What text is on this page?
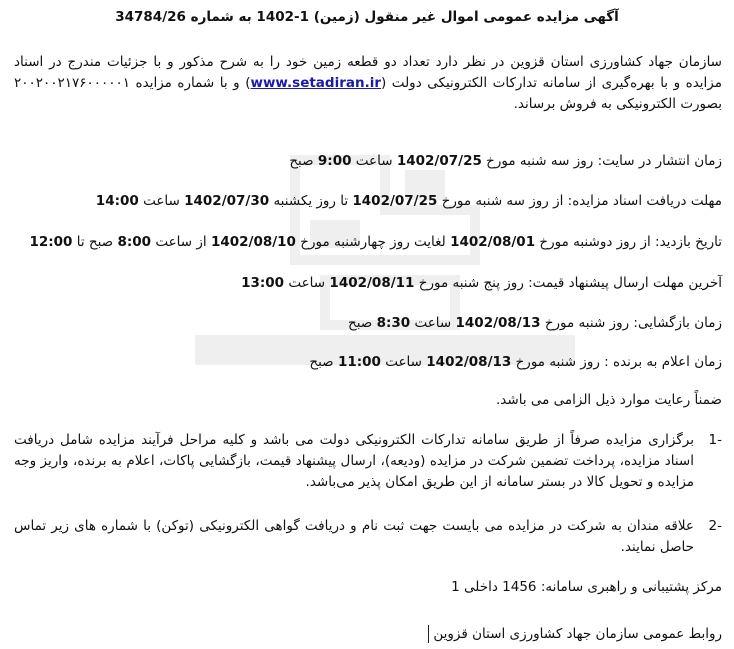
آگهی مزایده عمومی اموال غیر منقول (زمین) 1-1402 به شماره 34784/26

سازمان جهاد کشاورزی استان قزوین در نظر دارد تعداد دو قطعه زمین خود را به شرح مذکور و با جزئیات مندرج در اسناد مزایده و با بهره‌گیری از سامانه تدارکات الکترونیکی دولت (www.setadiran.ir) و با شماره مزایده ۲۰۰۲۰۰۲۱۷۶۰۰۰۰۰۱ بصورت الکترونیکی به فروش برساند.

زمان انتشار در سایت: روز سه شنبه مورخ 1402/07/25 ساعت 9:00 صبح

مهلت دریافت اسناد مزایده: از روز سه شنبه مورخ 1402/07/25 تا روز یکشنبه 1402/07/30 ساعت 14:00

تاریخ بازدید: از روز دوشنبه مورخ 1402/08/01 لغایت روز چهارشنبه مورخ 1402/08/10 از ساعت 8:00 صبح تا 12:00

آخرین مهلت ارسال پیشنهاد قیمت: روز پنج شنبه مورخ 1402/08/11 ساعت 13:00

زمان بازگشایی: روز شنبه مورخ 1402/08/13 ساعت 8:30 صبح

زمان اعلام به برنده : روز شنبه مورخ 1402/08/13 ساعت 11:00 صبح

ضمناً رعایت موارد ذیل الزامی می باشد.

-1
برگزاری مزایده صرفاً از طریق سامانه تدارکات الکترونیکی دولت می باشد و کلیه مراحل فرآیند مزایده شامل دریافت اسناد مزایده، پرداخت تضمین شرکت در مزایده (ودیعه)، ارسال پیشنهاد قیمت، بازگشایی پاکات، اعلام به برنده، واریز وجه مزایده و تحویل کالا در بستر سامانه از این طریق امکان پذیر می‌باشد.
-2
علاقه مندان به شرکت در مزایده می بایست جهت ثبت نام و دریافت گواهی الکترونیکی (توکن) با شماره های زیر تماس حاصل نمایند.

مرکز پشتیبانی و راهبری سامانه: 1456 داخلی 1

روابط عمومی سازمان جهاد کشاورزی استان قزوین
